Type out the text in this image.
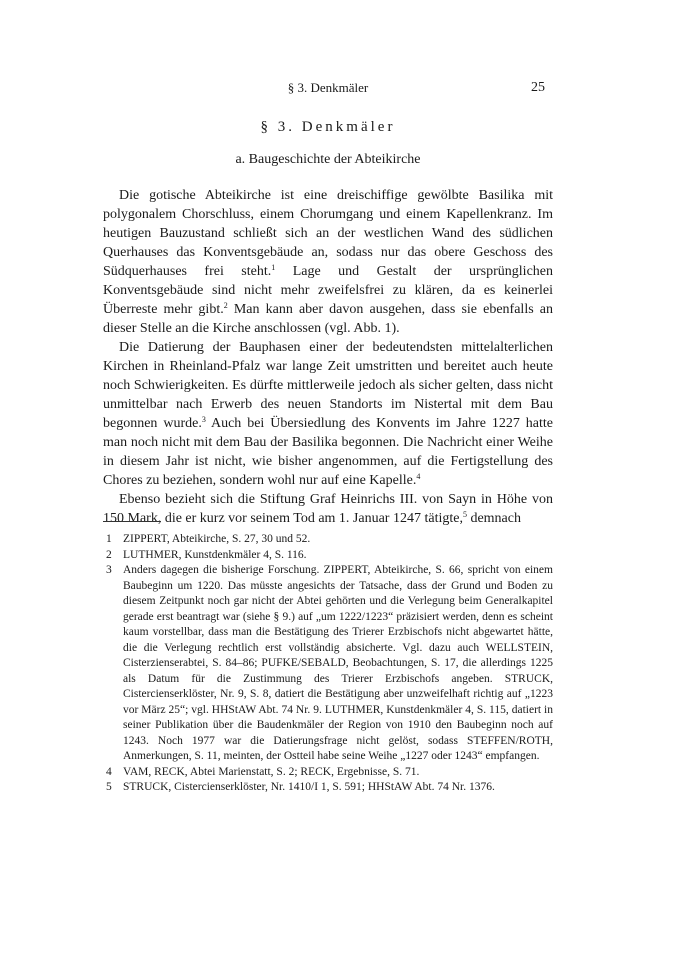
§ 3. Denkmäler	25
§ 3. Denkmäler
a. Baugeschichte der Abteikirche

Die gotische Abteikirche ist eine dreischiffige gewölbte Basilika mit polygonalem Chorschluss, einem Chorumgang und einem Kapellenkranz. Im heutigen Bauzustand schließt sich an der westlichen Wand des südlichen Querhauses das Konventsgebäude an, sodass nur das obere Geschoss des Südquerhauses frei steht.$^1$ Lage und Gestalt der ursprünglichen Konventsgebäude sind nicht mehr zweifelsfrei zu klären, da es keinerlei Überreste mehr gibt.$^2$ Man kann aber davon ausgehen, dass sie ebenfalls an dieser Stelle an die Kirche anschlossen (vgl. Abb. 1).

Die Datierung der Bauphasen einer der bedeutendsten mittelalterlichen Kirchen in Rheinland-Pfalz war lange Zeit umstritten und bereitet auch heute noch Schwierigkeiten. Es dürfte mittlerweile jedoch als sicher gelten, dass nicht unmittelbar nach Erwerb des neuen Standorts im Nistertal mit dem Bau begonnen wurde.$^3$ Auch bei Übersiedlung des Konvents im Jahre 1227 hatte man noch nicht mit dem Bau der Basilika begonnen. Die Nachricht einer Weihe in diesem Jahr ist nicht, wie bisher angenommen, auf die Fertigstellung des Chores zu beziehen, sondern wohl nur auf eine Kapelle.$^4$

Ebenso bezieht sich die Stiftung Graf Heinrichs III. von Sayn in Höhe von 150 Mark, die er kurz vor seinem Tod am 1. Januar 1247 tätigte,$^5$ demnach

1 ZIPPERT, Abteikirche, S. 27, 30 und 52.
2 LUTHMER, Kunstdenkmäler 4, S. 116.
3 Anders dagegen die bisherige Forschung. ZIPPERT, Abteikirche, S. 66, spricht von einem Baubeginn um 1220. Das müsste angesichts der Tatsache, dass der Grund und Boden zu diesem Zeitpunkt noch gar nicht der Abtei gehörten und die Verlegung beim Generalkapitel gerade erst beantragt war (siehe § 9.) auf „um 1222/1223“ präzisiert werden, denn es scheint kaum vorstellbar, dass man die Bestätigung des Trierer Erzbischofs nicht abgewartet hätte, die die Verlegung rechtlich erst vollständig absicherte. Vgl. dazu auch WELLSTEIN, Cisterzienserabtei, S. 84–86; PUFKE/SEBALD, Beobachtungen, S. 17, die allerdings 1225 als Datum für die Zustimmung des Trierer Erzbischofs angeben. STRUCK, Cistercienserklöster, Nr. 9, S. 8, datiert die Bestätigung aber unzweifelhaft richtig auf „1223 vor März 25“; vgl. HHStAW Abt. 74 Nr. 9. LUTHMER, Kunstdenkmäler 4, S. 115, datiert in seiner Publikation über die Baudenkmäler der Region von 1910 den Baubeginn noch auf 1243. Noch 1977 war die Datierungsfrage nicht gelöst, sodass STEFFEN/ROTH, Anmerkungen, S. 11, meinten, der Ostteil habe seine Weihe „1227 oder 1243“ empfangen.
4 VAM, RECK, Abtei Marienstatt, S. 2; RECK, Ergebnisse, S. 71.
5 STRUCK, Cistercienserklöster, Nr. 1410/I 1, S. 591; HHStAW Abt. 74 Nr. 1376.
